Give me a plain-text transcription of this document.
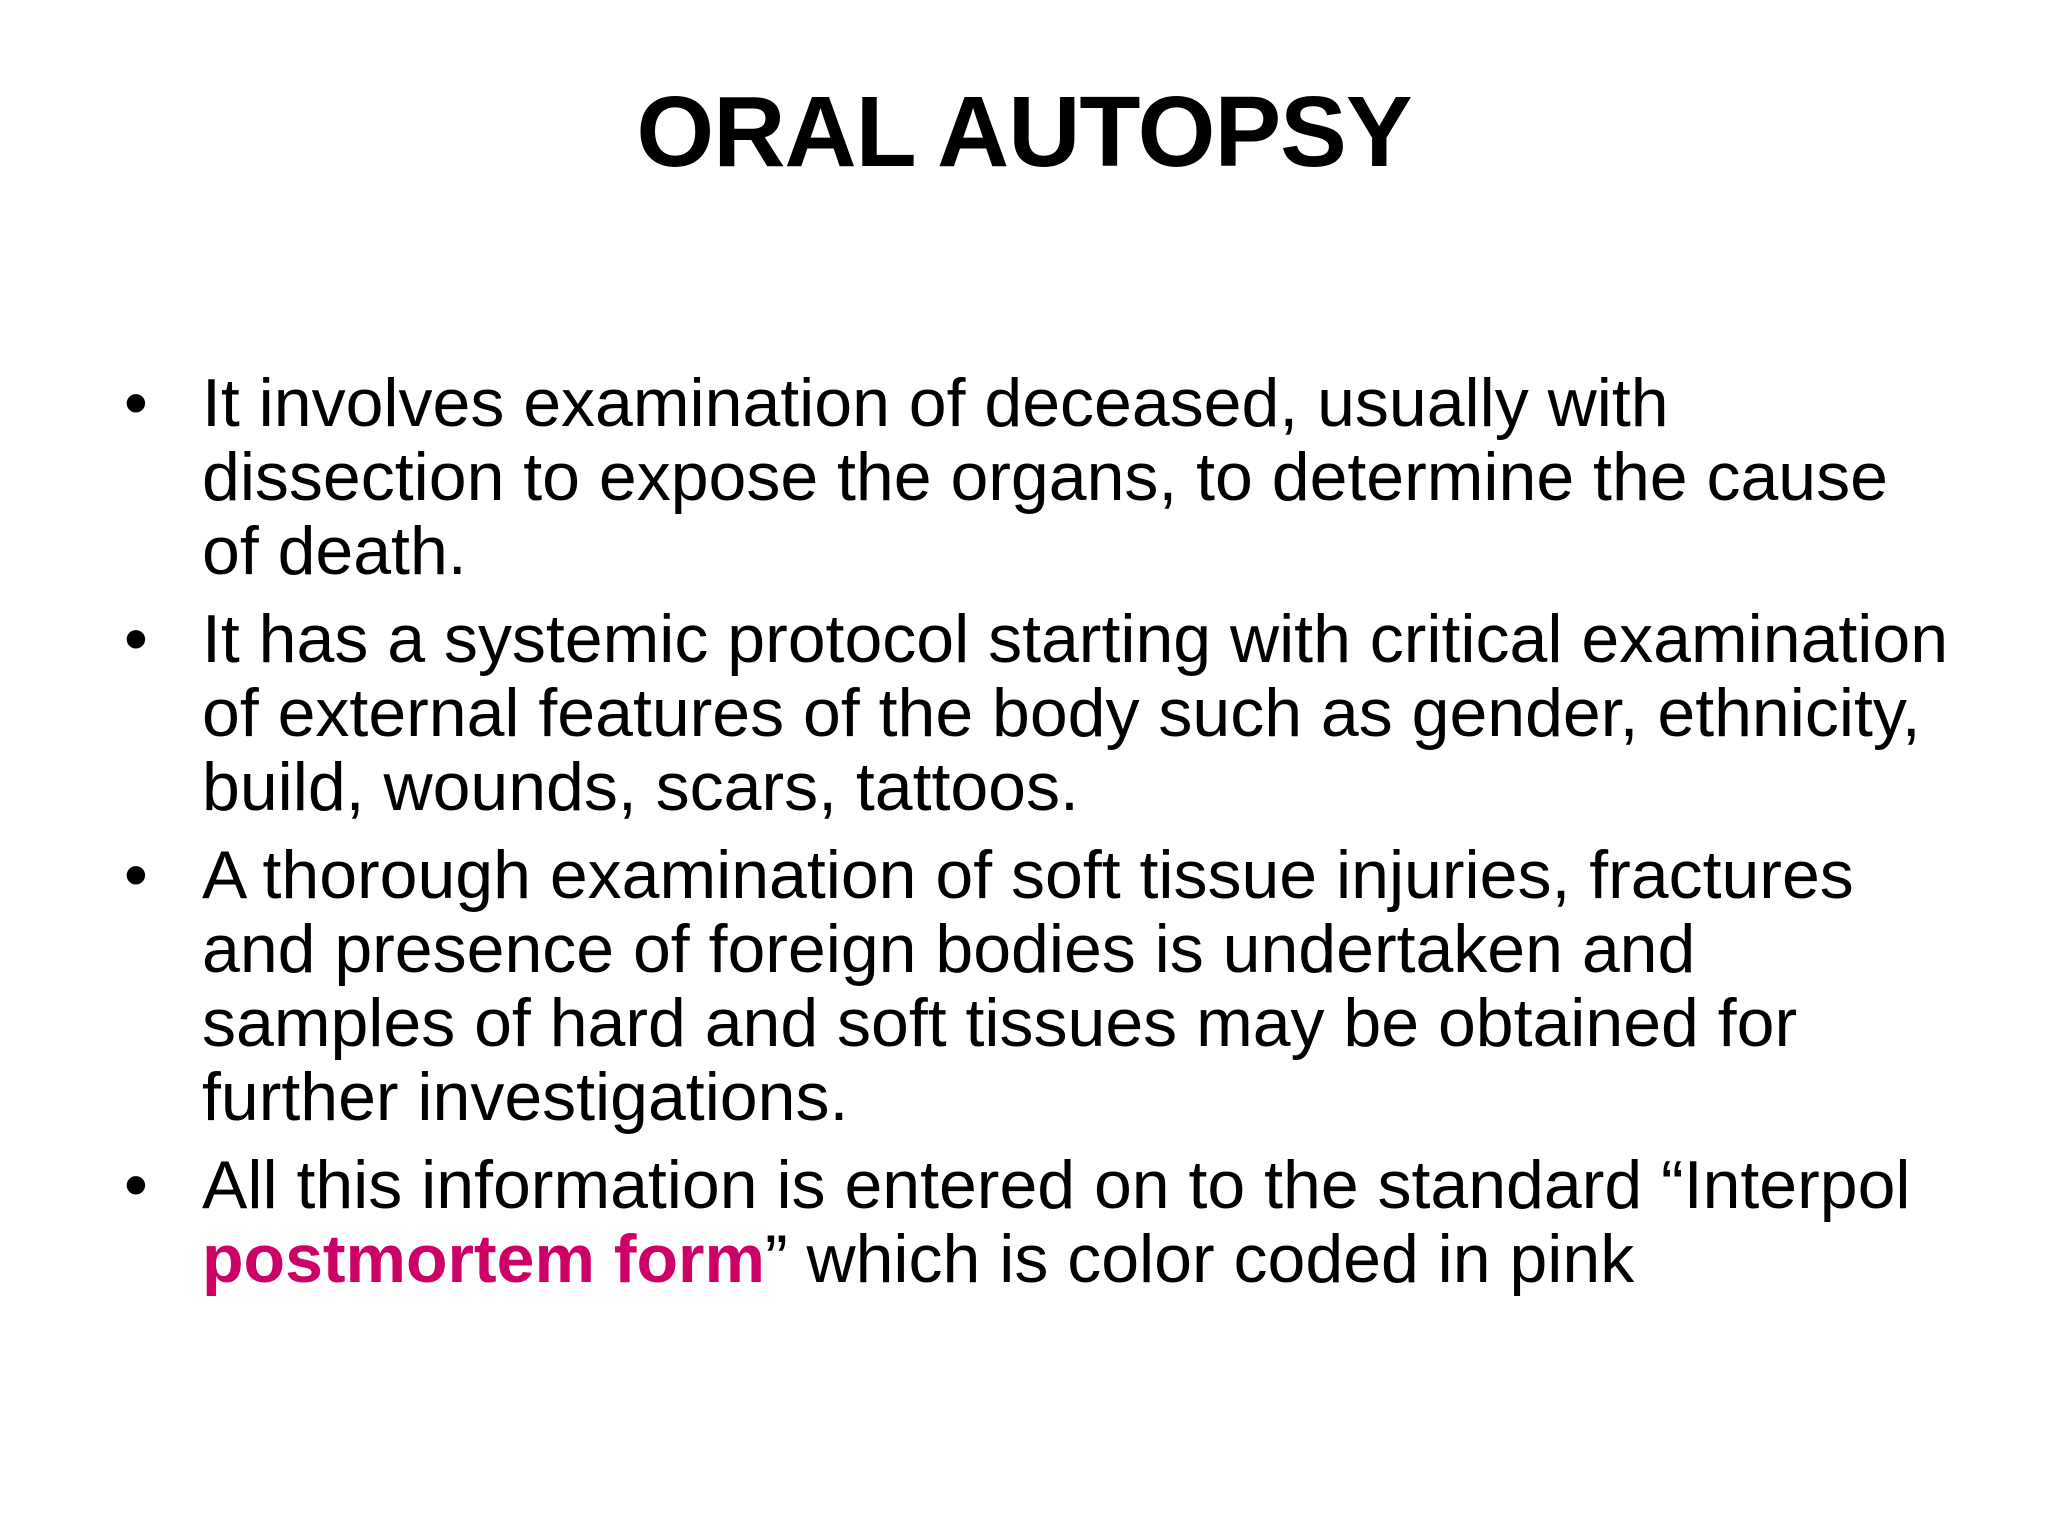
ORAL AUTOPSY
• It involves examination of deceased, usually with dissection to expose the organs, to determine the cause of death.
• It has a systemic protocol starting with critical examination of external features of the body such as gender, ethnicity, build, wounds, scars, tattoos.
• A thorough examination of soft tissue injuries, fractures and presence of foreign bodies is undertaken and samples of hard and soft tissues may be obtained for further investigations.
• All this information is entered on to the standard “Interpol postmortem form” which is color coded in pink
